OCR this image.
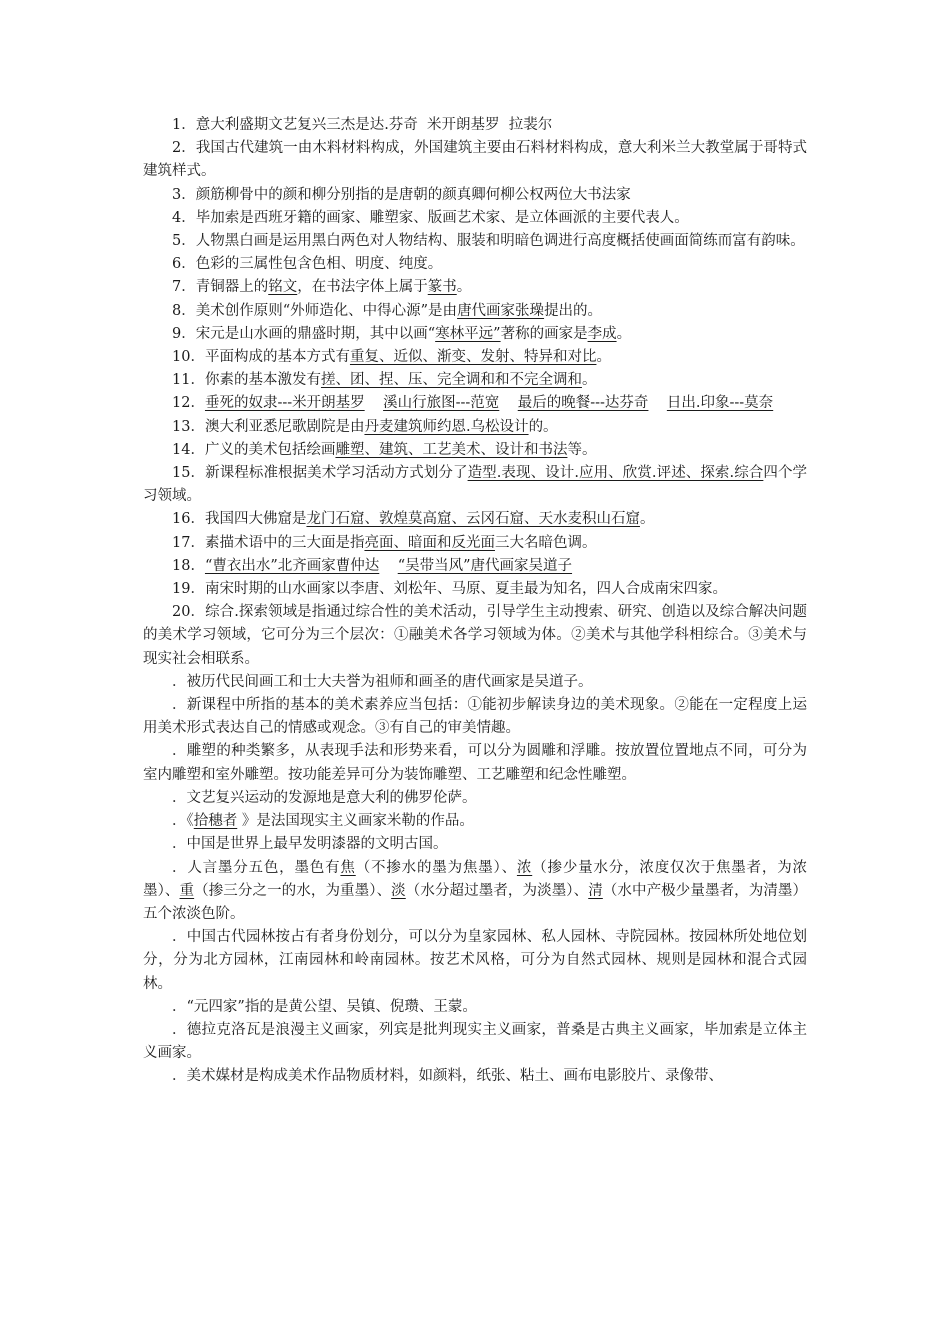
1．意大利盛期文艺复兴三杰是达.芬奇  米开朗基罗  拉裴尔

2．我国古代建筑一由木料材料构成，外国建筑主要由石料材料构成，意大利米兰大教堂属于哥特式建筑样式。

3．颜筋柳骨中的颜和柳分别指的是唐朝的颜真卿何柳公权两位大书法家

4．毕加索是西班牙籍的画家、雕塑家、版画艺术家、是立体画派的主要代表人。

5．人物黑白画是运用黑白两色对人物结构、服装和明暗色调进行高度概括使画面简练而富有韵味。

6．色彩的三属性包含色相、明度、纯度。

7．青铜器上的铭文，在书法字体上属于篆书。

8．美术创作原则“外师造化、中得心源”是由唐代画家张璪提出的。

9．宋元是山水画的鼎盛时期，其中以画“寒林平远”著称的画家是李成。

10．平面构成的基本方式有重复、近似、渐变、发射、特异和对比。

11．你素的基本激发有搓、团、捏、压、完全调和和不完全调和。

12．垂死的奴隶---米开朗基罗 溪山行旅图---范宽 最后的晚餐---达芬奇 日出.印象---莫奈

13．澳大利亚悉尼歌剧院是由丹麦建筑师约恩.乌松设计的。

14．广义的美术包括绘画雕塑、建筑、工艺美术、设计和书法等。

15．新课程标准根据美术学习活动方式划分了造型.表现、设计.应用、欣赏.评述、探索.综合四个学习领域。

16．我国四大佛窟是龙门石窟、敦煌莫高窟、云冈石窟、天水麦积山石窟。

17．素描术语中的三大面是指亮面、暗面和反光面三大名暗色调。

18．“曹衣出水”北齐画家曹仲达 “吴带当风”唐代画家吴道子

19．南宋时期的山水画家以李唐、刘松年、马原、夏圭最为知名，四人合成南宋四家。

20．综合.探索领域是指通过综合性的美术活动，引导学生主动搜索、研究、创造以及综合解决问题的美术学习领域，它可分为三个层次：①融美术各学习领域为体。②美术与其他学科相综合。③美术与现实社会相联系。

．被历代民间画工和士大夫誉为祖师和画圣的唐代画家是吴道子。

．新课程中所指的基本的美术素养应当包括：①能初步解读身边的美术现象。②能在一定程度上运用美术形式表达自己的情感或观念。③有自己的审美情趣。

．雕塑的种类繁多，从表现手法和形势来看，可以分为圆雕和浮雕。按放置位置地点不同，可分为室内雕塑和室外雕塑。按功能差异可分为装饰雕塑、工艺雕塑和纪念性雕塑。

．文艺复兴运动的发源地是意大利的佛罗伦萨。

．《拾穗者 》是法国现实主义画家米勒的作品。

．中国是世界上最早发明漆器的文明古国。

．人言墨分五色，墨色有焦（不掺水的墨为焦墨）、浓（掺少量水分，浓度仅次于焦墨者，为浓墨）、重（掺三分之一的水，为重墨）、淡（水分超过墨者，为淡墨）、清（水中产极少量墨者，为清墨）五个浓淡色阶。

．中国古代园林按占有者身份划分，可以分为皇家园林、私人园林、寺院园林。按园林所处地位划分，分为北方园林，江南园林和岭南园林。按艺术风格，可分为自然式园林、规则是园林和混合式园林。

．“元四家”指的是黄公望、吴镇、倪瓒、王蒙。

．德拉克洛瓦是浪漫主义画家，列宾是批判现实主义画家，普桑是古典主义画家，毕加索是立体主义画家。

．美术媒材是构成美术作品物质材料，如颜料，纸张、粘土、画布电影胶片、录像带、
